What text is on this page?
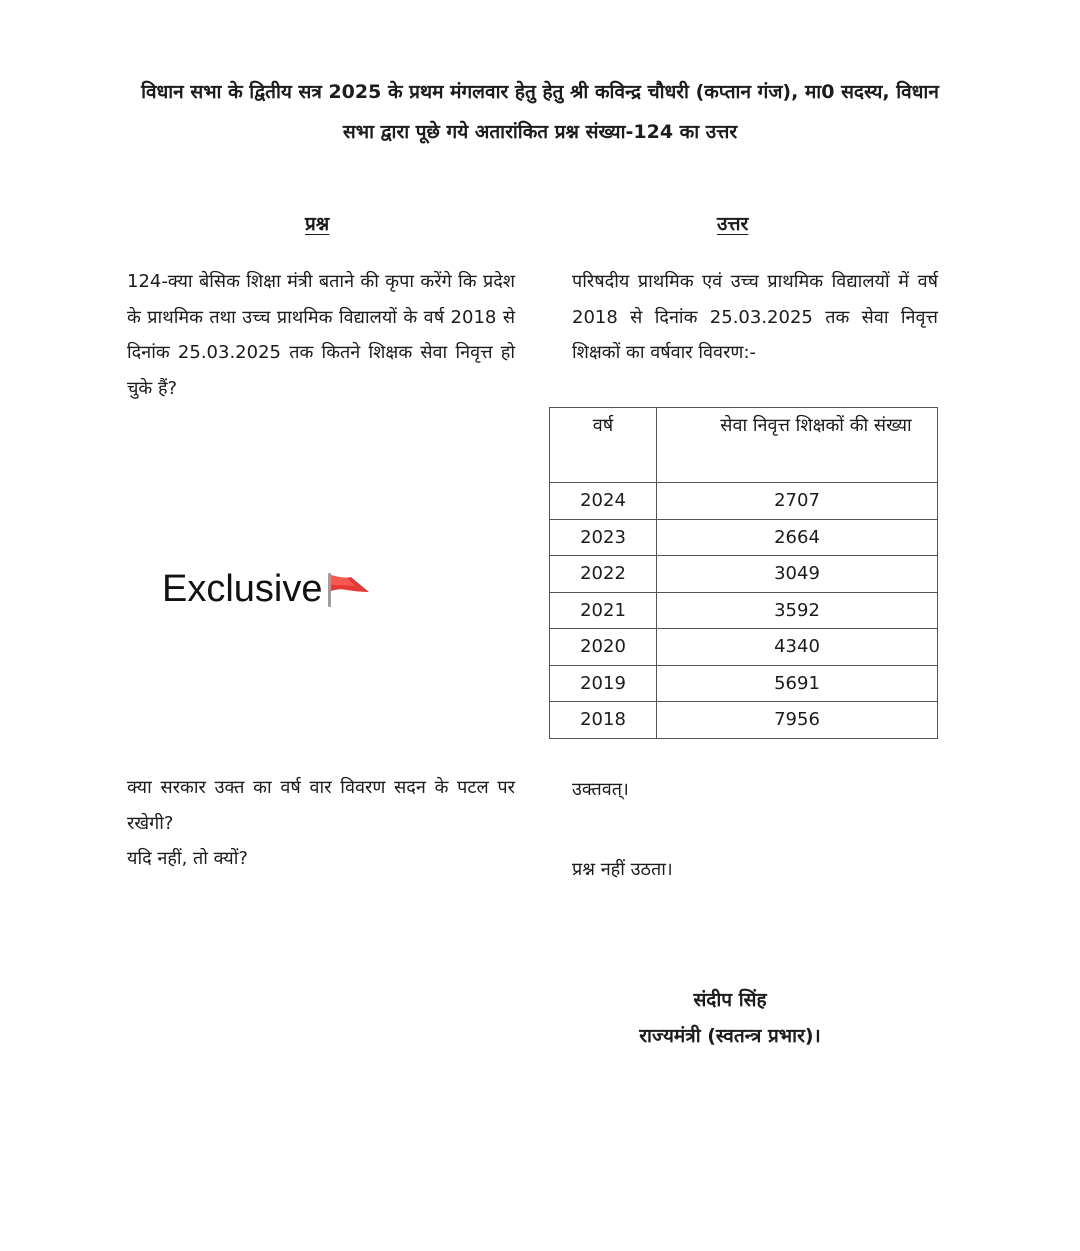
विधान सभा के द्वितीय सत्र 2025 के प्रथम मंगलवार हेतु हेतु श्री कविन्द्र चौधरी (कप्तान गंज), मा0 सदस्य, विधान सभा द्वारा पूछे गये अतारांकित प्रश्न संख्या-124 का उत्तर
प्रश्न	उत्तर
124-क्या बेसिक शिक्षा मंत्री बताने की कृपा करेंगे कि प्रदेश के प्राथमिक तथा उच्च प्राथमिक विद्यालयों के वर्ष 2018 से दिनांक 25.03.2025 तक कितने शिक्षक सेवा निवृत्त हो चुके हैं?
परिषदीय प्राथमिक एवं उच्च प्राथमिक विद्यालयों में वर्ष 2018 से दिनांक 25.03.2025 तक सेवा निवृत्त शिक्षकों का वर्षवार विवरण:-
वर्ष	सेवा निवृत्त शिक्षकों की संख्या
2024	2707
2023	2664
2022	3049
2021	3592
2020	4340
2019	5691
2018	7956
Exclusive
क्या सरकार उक्त का वर्ष वार विवरण सदन के पटल पर रखेगी?
यदि नहीं, तो क्यों?
उक्तवत्।
प्रश्न नहीं उठता।
संदीप सिंह
राज्यमंत्री (स्वतन्त्र प्रभार)।
